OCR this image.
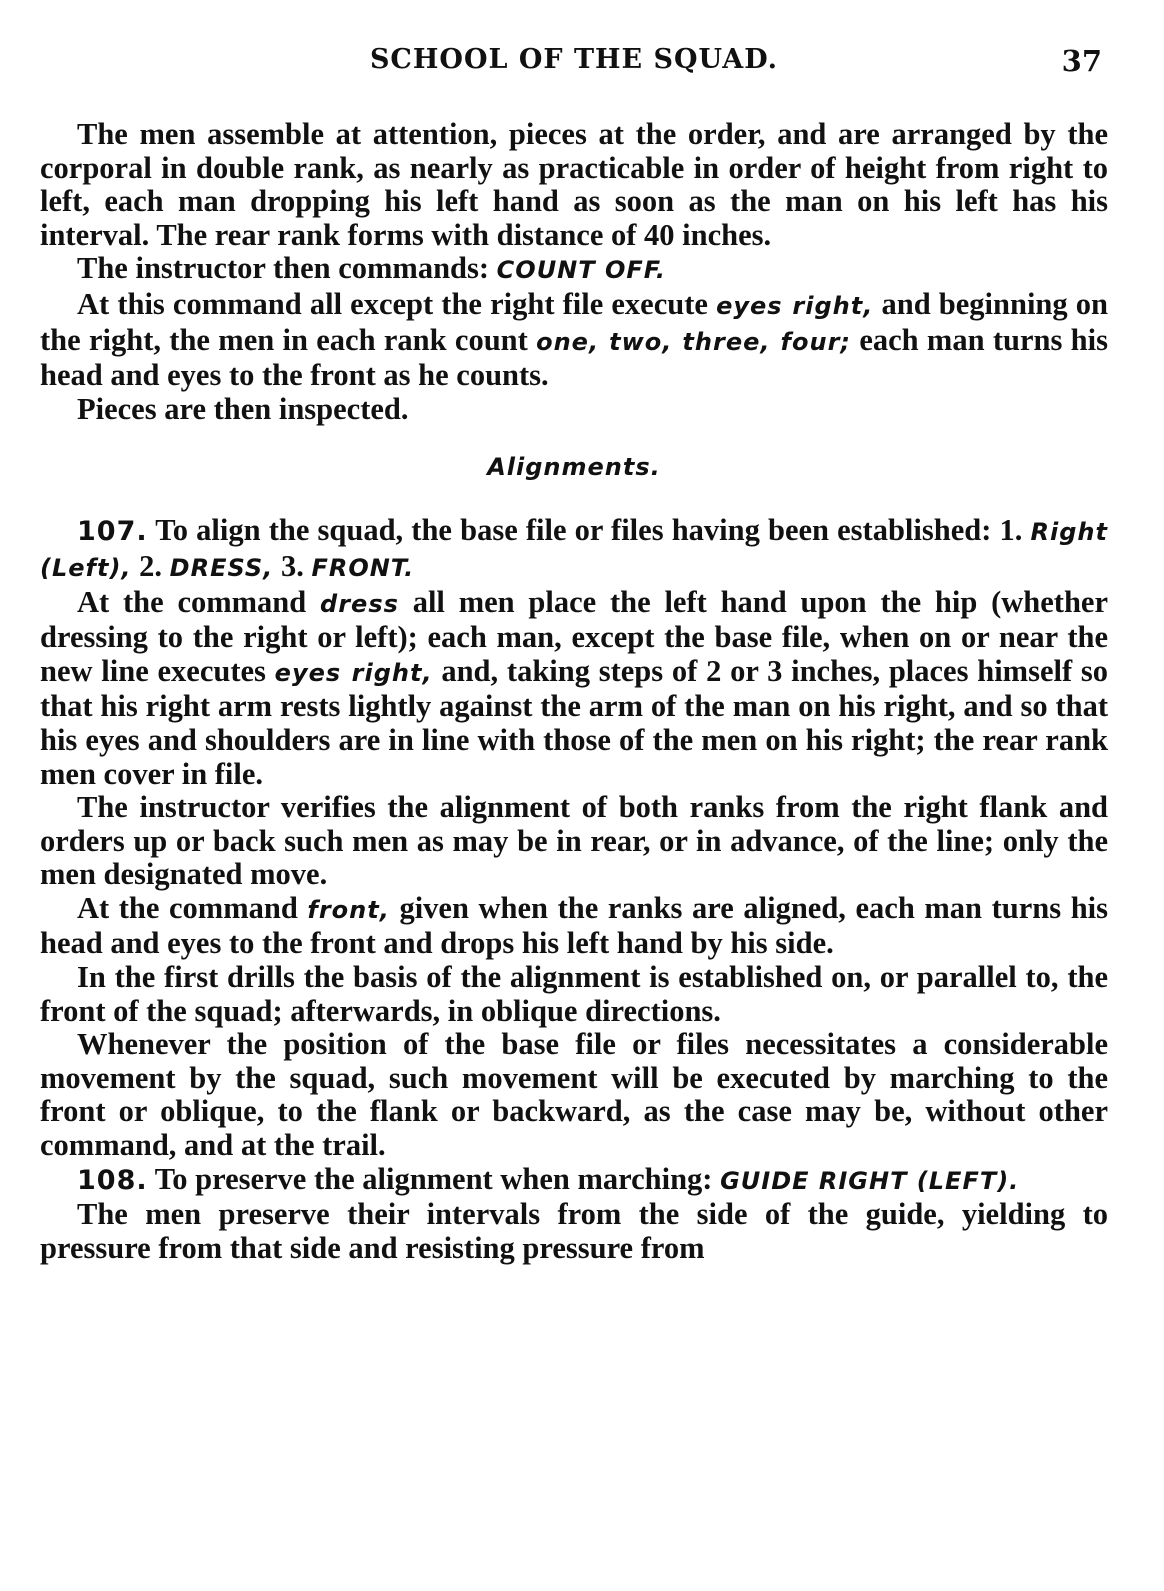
SCHOOL OF THE SQUAD.	37

The men assemble at attention, pieces at the order, and are arranged by the corporal in double rank, as nearly as practicable in order of height from right to left, each man dropping his left hand as soon as the man on his left has his interval. The rear rank forms with distance of 40 inches.

The instructor then commands: COUNT OFF.

At this command all except the right file execute eyes right, and beginning on the right, the men in each rank count one, two, three, four; each man turns his head and eyes to the front as he counts.

Pieces are then inspected.

Alignments.

107. To align the squad, the base file or files having been established: 1. Right (Left), 2. DRESS, 3. FRONT.

At the command dress all men place the left hand upon the hip (whether dressing to the right or left); each man, except the base file, when on or near the new line executes eyes right, and, taking steps of 2 or 3 inches, places himself so that his right arm rests lightly against the arm of the man on his right, and so that his eyes and shoulders are in line with those of the men on his right; the rear rank men cover in file.

The instructor verifies the alignment of both ranks from the right flank and orders up or back such men as may be in rear, or in advance, of the line; only the men designated move.

At the command front, given when the ranks are aligned, each man turns his head and eyes to the front and drops his left hand by his side.

In the first drills the basis of the alignment is established on, or parallel to, the front of the squad; afterwards, in oblique directions.

Whenever the position of the base file or files necessitates a considerable movement by the squad, such movement will be executed by marching to the front or oblique, to the flank or backward, as the case may be, without other command, and at the trail.

108. To preserve the alignment when marching: GUIDE RIGHT (LEFT).

The men preserve their intervals from the side of the guide, yielding to pressure from that side and resisting pressure from
